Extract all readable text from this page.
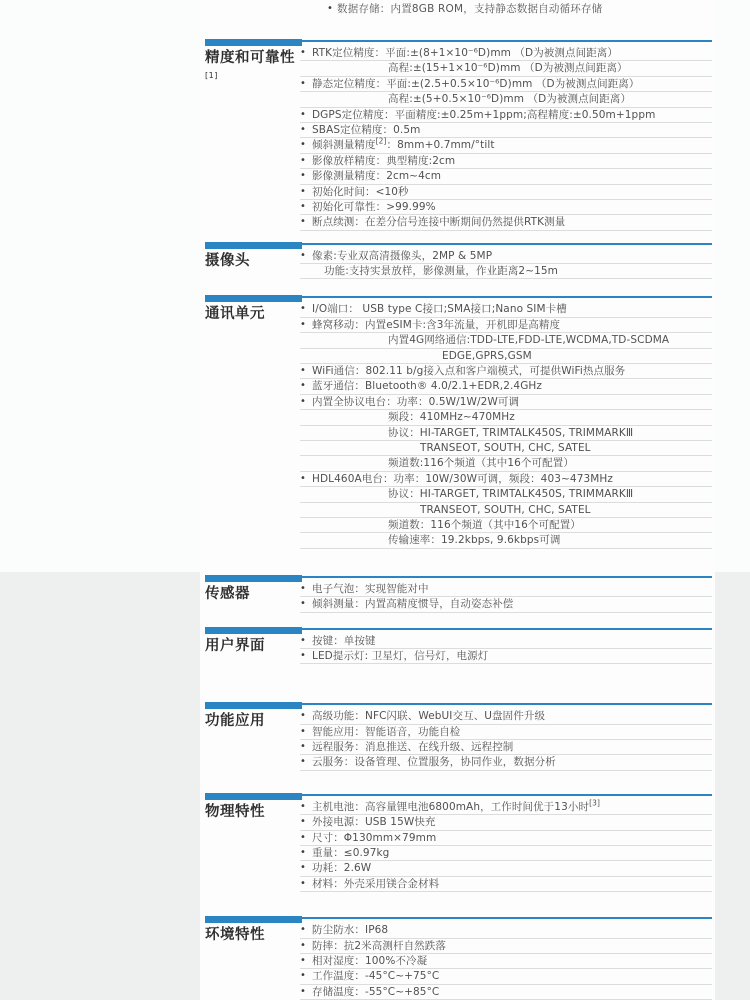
• 数据存储：内置8GB ROM，支持静态数据自动循环存储
精度和可靠性[1]
• RTK定位精度：平面:±(8+1×10⁻⁶D)mm （D为被测点间距离）
高程:±(15+1×10⁻⁶D)mm （D为被测点间距离）
• 静态定位精度：平面:±(2.5+0.5×10⁻⁶D)mm （D为被测点间距离）
高程:±(5+0.5×10⁻⁶D)mm （D为被测点间距离）
• DGPS定位精度：平面精度:±0.25m+1ppm;高程精度:±0.50m+1ppm
• SBAS定位精度：0.5m
• 倾斜测量精度[2]：8mm+0.7mm/°tilt
• 影像放样精度：典型精度:2cm
• 影像测量精度：2cm~4cm
• 初始化时间：<10秒
• 初始化可靠性：>99.99%
• 断点续测：在差分信号连接中断期间仍然提供RTK测量
摄像头	• 像素:专业双高清摄像头，2MP & 5MP
功能:支持实景放样，影像测量，作业距离2~15m
通讯单元	• I/O端口： USB type C接口;SMA接口;Nano SIM卡槽
• 蜂窝移动：内置eSIM卡:含3年流量，开机即是高精度
内置4G网络通信:TDD-LTE,FDD-LTE,WCDMA,TD-SCDMA
EDGE,GPRS,GSM
• WiFi通信：802.11 b/g接入点和客户端模式，可提供WiFi热点服务
• 蓝牙通信：Bluetooth® 4.0/2.1+EDR,2.4GHz
• 内置全协议电台：功率：0.5W/1W/2W可调
频段：410MHz~470MHz
协议：HI-TARGET, TRIMTALK450S, TRIMMARKⅢ
TRANSEOT, SOUTH, CHC, SATEL
频道数:116个频道（其中16个可配置）
• HDL460A电台：功率：10W/30W可调，频段：403~473MHz
协议：HI-TARGET, TRIMTALK450S, TRIMMARKⅢ
TRANSEOT, SOUTH, CHC, SATEL
频道数：116个频道（其中16个可配置）
传输速率：19.2kbps, 9.6kbps可调
传感器	• 电子气泡：实现智能对中
• 倾斜测量：内置高精度惯导，自动姿态补偿
用户界面	• 按键：单按键
• LED提示灯: 卫星灯，信号灯，电源灯
功能应用	• 高级功能：NFC闪联、WebUI交互、U盘固件升级
• 智能应用：智能语音，功能自检
• 远程服务：消息推送、在线升级、远程控制
• 云服务：设备管理、位置服务，协同作业，数据分析
物理特性	• 主机电池：高容量锂电池6800mAh，工作时间优于13小时[3]
• 外接电源：USB 15W快充
• 尺寸：Φ130mm×79mm
• 重量：≤0.97kg
• 功耗：2.6W
• 材料：外壳采用镁合金材料
环境特性	• 防尘防水：IP68
• 防摔：抗2米高测杆自然跌落
• 相对湿度：100%不冷凝
• 工作温度：-45°C~+75°C
• 存储温度：-55°C~+85°C
